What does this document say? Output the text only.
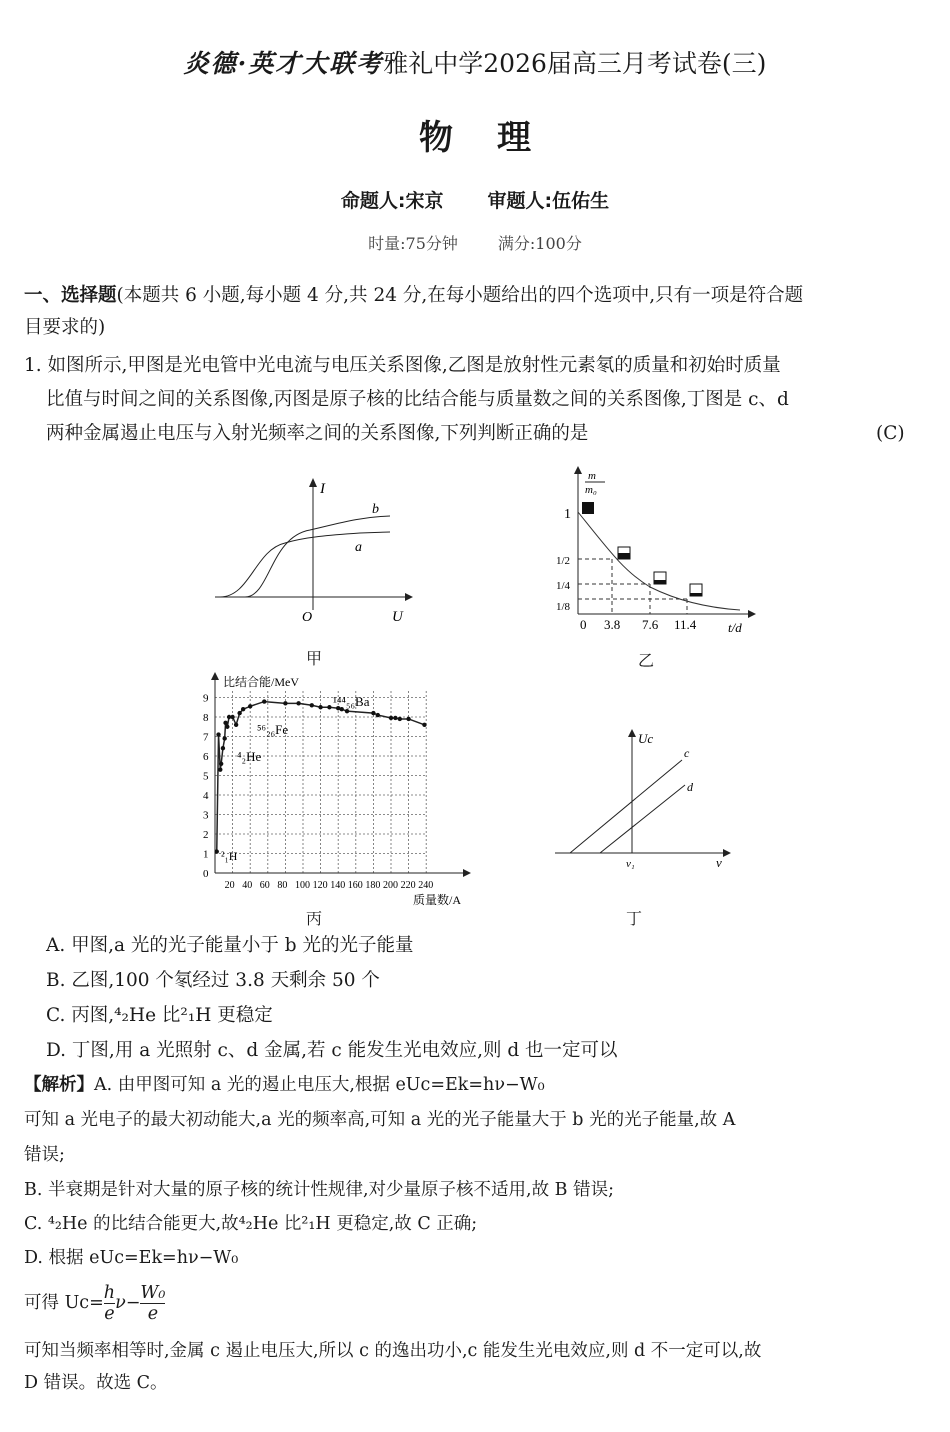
炎德·英才大联考雅礼中学2026届高三月考试卷(三)
物 理
命题人:宋京 审题人:伍佑生
时量:75分钟	满分:100分
一、选择题(本题共 6 小题,每小题 4 分,共 24 分,在每小题给出的四个选项中,只有一项是符合题
目要求的)
1. 如图所示,甲图是光电管中光电流与电压关系图像,乙图是放射性元素氡的质量和初始时质量
比值与时间之间的关系图像,丙图是原子核的比结合能与质量数之间的关系图像,丁图是 c、d
两种金属遏止电压与入射光频率之间的关系图像,下列判断正确的是	(C)
I
U
O
a
b
甲
m
m₀
1
1/2
1/4
1/8
0 3.8 7.6 11.4 t/d
乙
比结合能/MeV
0
1
2
3
4
5
6
7
8
9
20 40 60 80 100 120 140 160 180 200 220 240
²₁H
⁴₂He
⁵⁶₂₆Fe
¹⁴⁴₅₆Ba
质量数/A
丙
Uc
c
d
ν₁	ν
丁
A. 甲图,a 光的光子能量小于 b 光的光子能量
B. 乙图,100 个氡经过 3.8 天剩余 50 个
C. 丙图,⁴₂He 比²₁H 更稳定
D. 丁图,用 a 光照射 c、d 金属,若 c 能发生光电效应,则 d 也一定可以
【解析】A. 由甲图可知 a 光的遏止电压大,根据 eUc=Ek=hν−W₀
可知 a 光电子的最大初动能大,a 光的频率高,可知 a 光的光子能量大于 b 光的光子能量,故 A
错误;
B. 半衰期是针对大量的原子核的统计性规律,对少量原子核不适用,故 B 错误;
C. ⁴₂He 的比结合能更大,故⁴₂He 比²₁H 更稳定,故 C 正确;
D. 根据 eUc=Ek=hν−W₀
可得 $Uc= \frac{h}{e} \nu- \frac{\text{W₀}}{e}$
可知当频率相等时,金属 c 遏止电压大,所以 c 的逸出功小,c 能发生光电效应,则 d 不一定可以,故
D 错误。故选 C。
